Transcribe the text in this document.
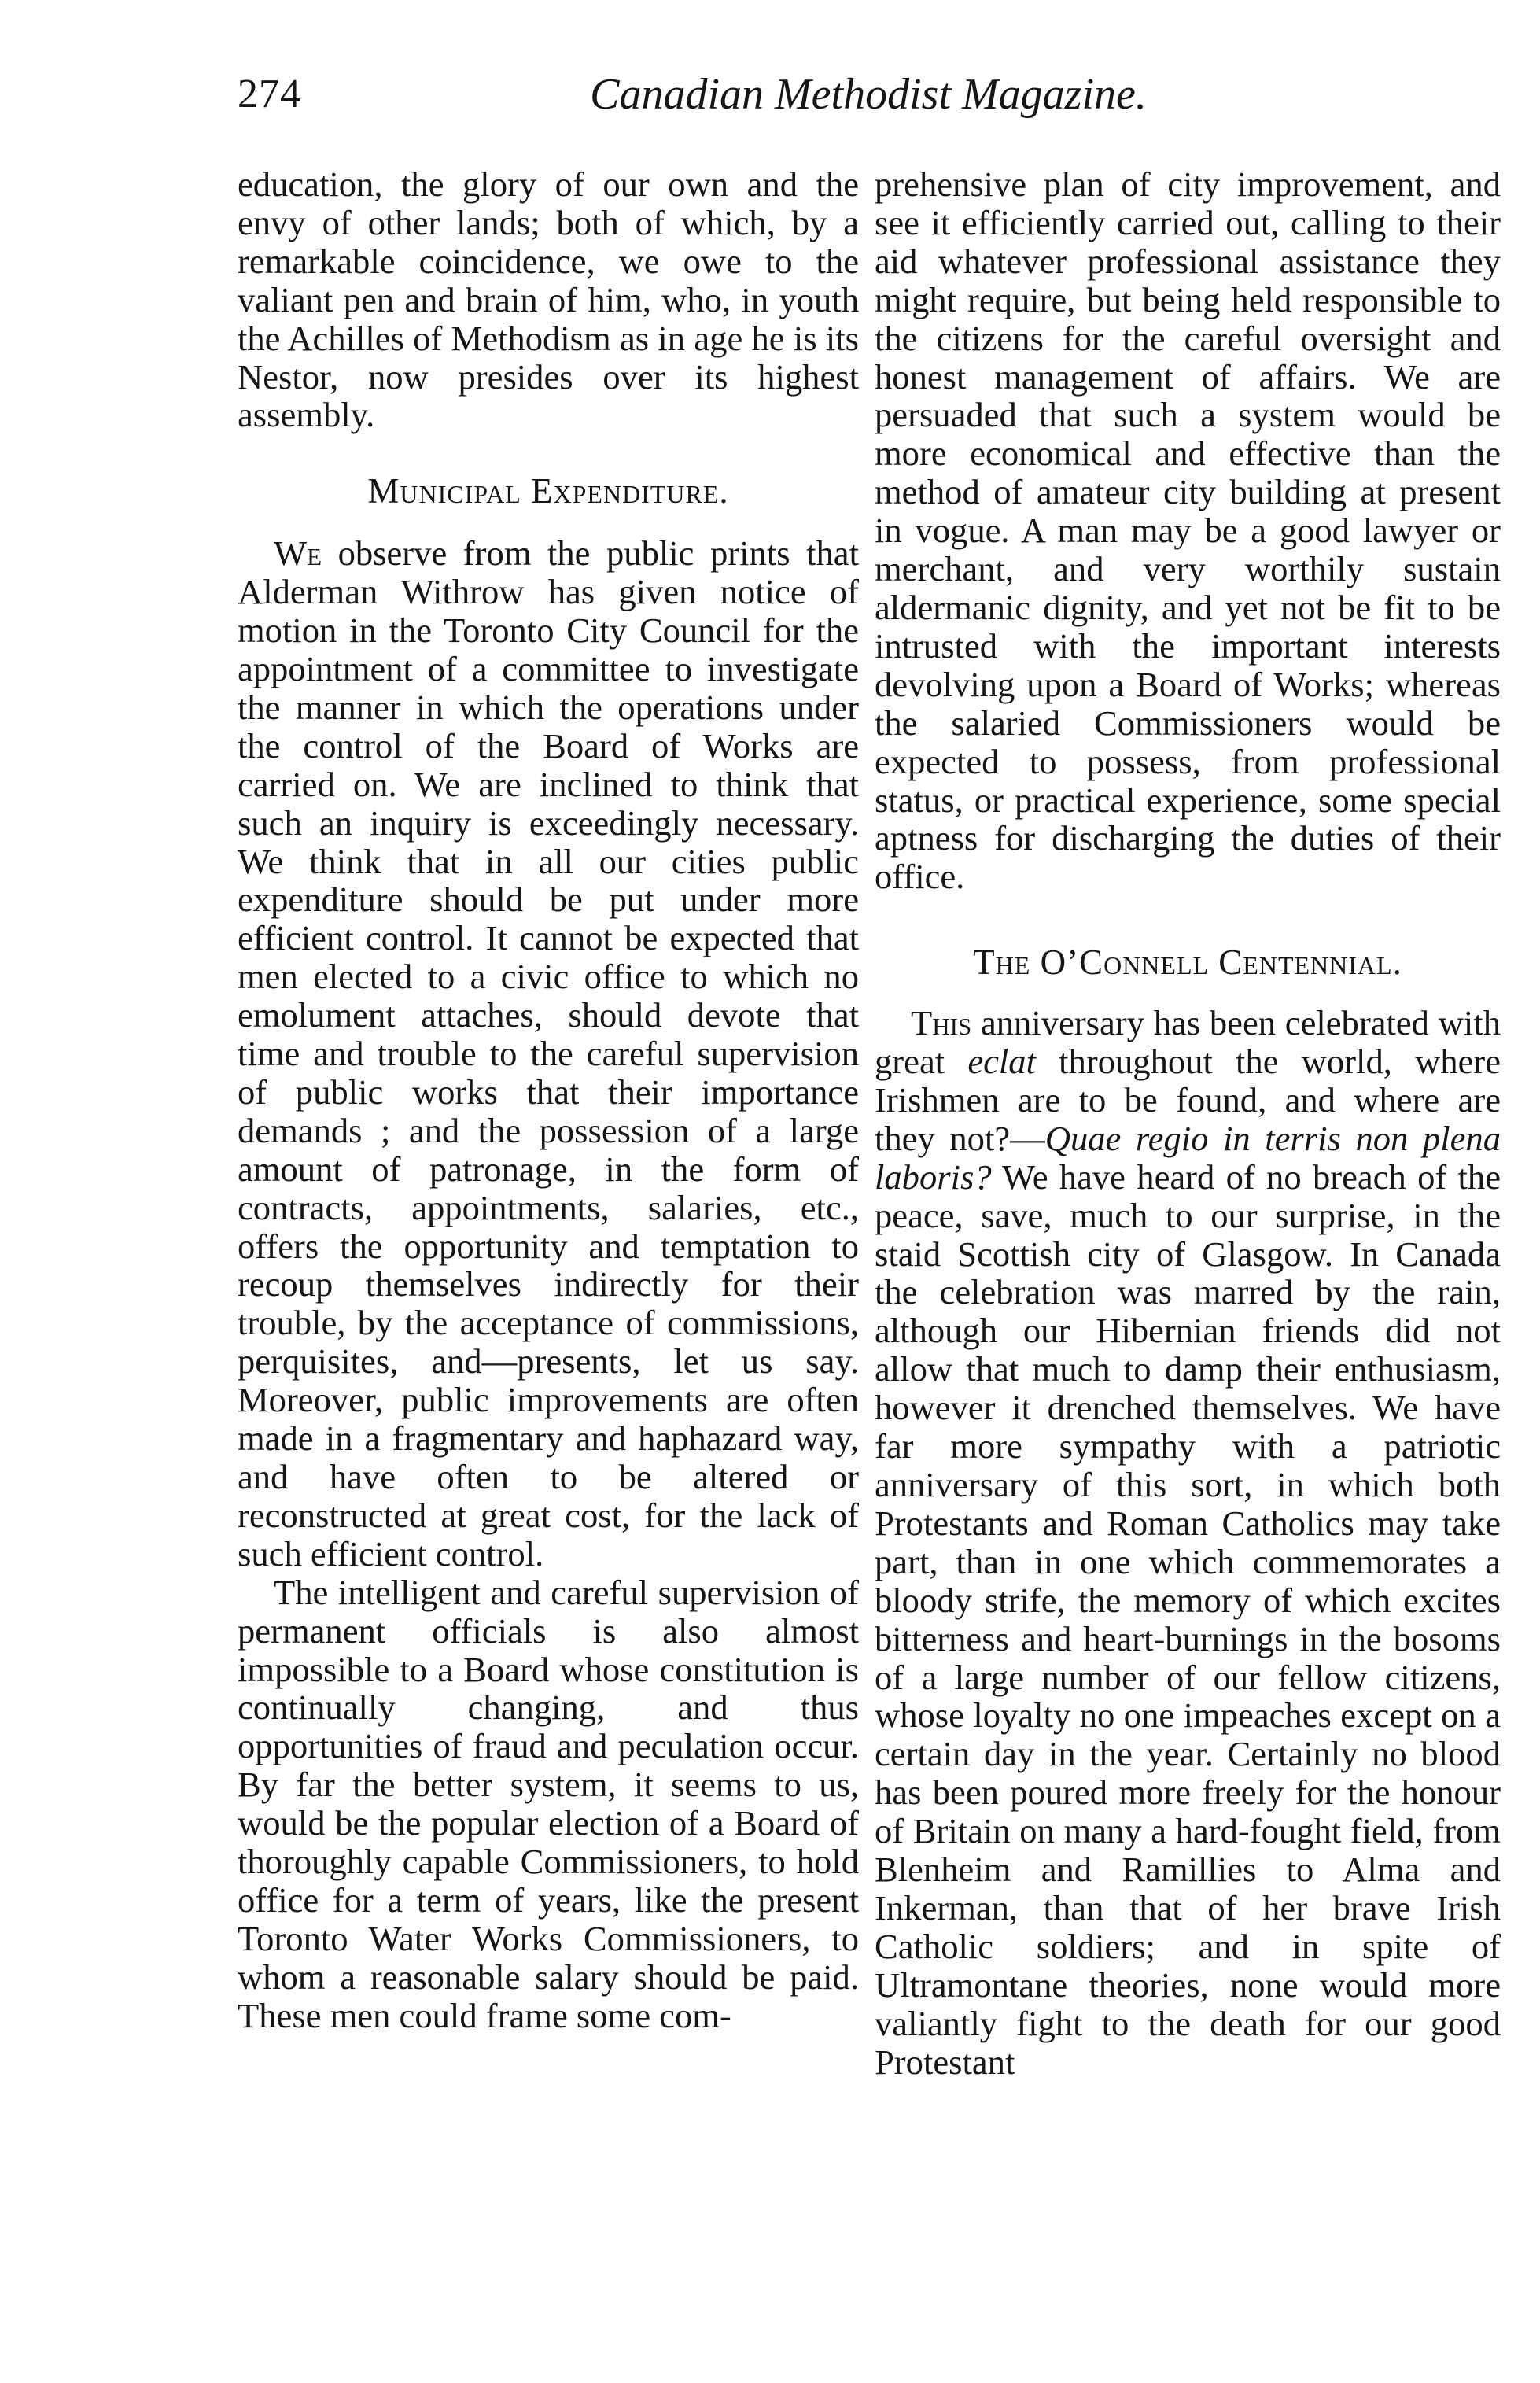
274	Canadian Methodist Magazine.

education, the glory of our own and the envy of other lands; both of which, by a remarkable coincidence, we owe to the valiant pen and brain of him, who, in youth the Achilles of Methodism as in age he is its Nestor, now presides over its highest assembly.

Municipal Expenditure.

We observe from the public prints that Alderman Withrow has given notice of motion in the Toronto City Council for the appointment of a committee to investigate the manner in which the operations under the control of the Board of Works are carried on. We are inclined to think that such an inquiry is exceedingly necessary. We think that in all our cities public expenditure should be put under more efficient control. It cannot be expected that men elected to a civic office to which no emolument attaches, should devote that time and trouble to the careful supervision of public works that their importance demands ; and the possession of a large amount of patronage, in the form of contracts, appointments, salaries, etc., offers the opportunity and temptation to recoup themselves indirectly for their trouble, by the acceptance of commissions, perquisites, and—presents, let us say. Moreover, public improvements are often made in a fragmentary and haphazard way, and have often to be altered or reconstructed at great cost, for the lack of such efficient control.

The intelligent and careful supervision of permanent officials is also almost impossible to a Board whose constitution is continually changing, and thus opportunities of fraud and peculation occur. By far the better system, it seems to us, would be the popular election of a Board of thoroughly capable Commissioners, to hold office for a term of years, like the present Toronto Water Works Commissioners, to whom a reasonable salary should be paid. These men could frame some com-

prehensive plan of city improvement, and see it efficiently carried out, calling to their aid whatever professional assistance they might require, but being held responsible to the citizens for the careful oversight and honest management of affairs. We are persuaded that such a system would be more economical and effective than the method of amateur city building at present in vogue. A man may be a good lawyer or merchant, and very worthily sustain aldermanic dignity, and yet not be fit to be intrusted with the important interests devolving upon a Board of Works; whereas the salaried Commissioners would be expected to possess, from professional status, or practical experience, some special aptness for discharging the duties of their office.

The O’Connell Centennial.

This anniversary has been celebrated with great eclat throughout the world, where Irishmen are to be found, and where are they not?—Quae regio in terris non plena laboris? We have heard of no breach of the peace, save, much to our surprise, in the staid Scottish city of Glasgow. In Canada the celebration was marred by the rain, although our Hibernian friends did not allow that much to damp their enthusiasm, however it drenched themselves. We have far more sympathy with a patriotic anniversary of this sort, in which both Protestants and Roman Catholics may take part, than in one which commemorates a bloody strife, the memory of which excites bitterness and heart-burnings in the bosoms of a large number of our fellow citizens, whose loyalty no one impeaches except on a certain day in the year. Certainly no blood has been poured more freely for the honour of Britain on many a hard-fought field, from Blenheim and Ramillies to Alma and Inkerman, than that of her brave Irish Catholic soldiers; and in spite of Ultramontane theories, none would more valiantly fight to the death for our good Protestant
